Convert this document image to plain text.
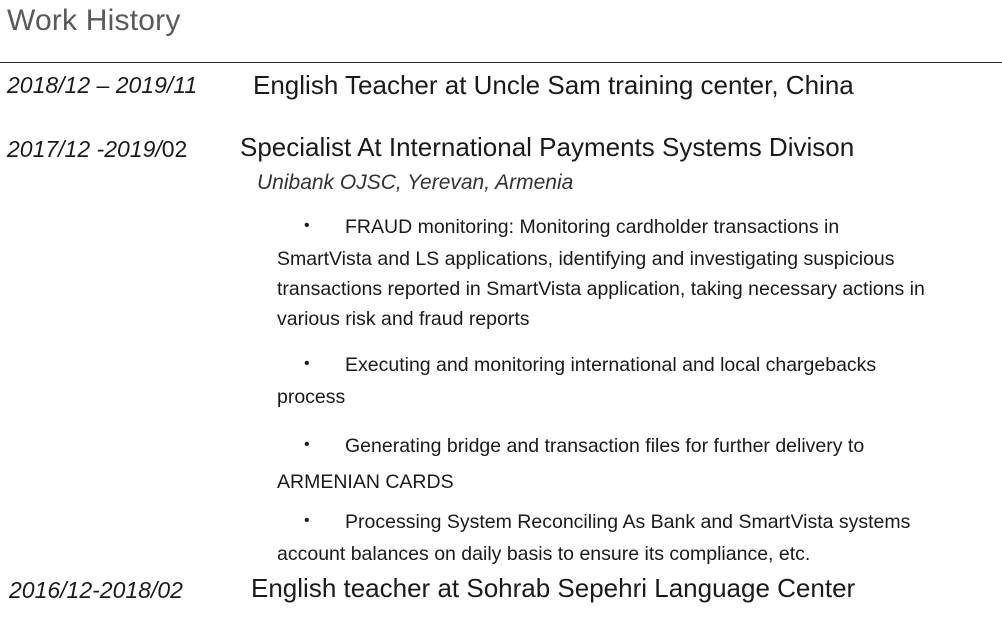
Work History
2018/12 – 2019/11 English Teacher at Uncle Sam training center, China
2017/12 -2019/02 Specialist At International Payments Systems Divison
Unibank OJSC, Yerevan, Armenia
• FRAUD monitoring: Monitoring cardholder transactions in
SmartVista and LS applications, identifying and investigating suspicious transactions reported in SmartVista application, taking necessary actions in various risk and fraud reports
• Executing and monitoring international and local chargebacks
process
• Generating bridge and transaction files for further delivery to
ARMENIAN CARDS
• Processing System Reconciling As Bank and SmartVista systems
account balances on daily basis to ensure its compliance, etc.
2016/12-2018/02	English teacher at Sohrab Sepehri Language Center
